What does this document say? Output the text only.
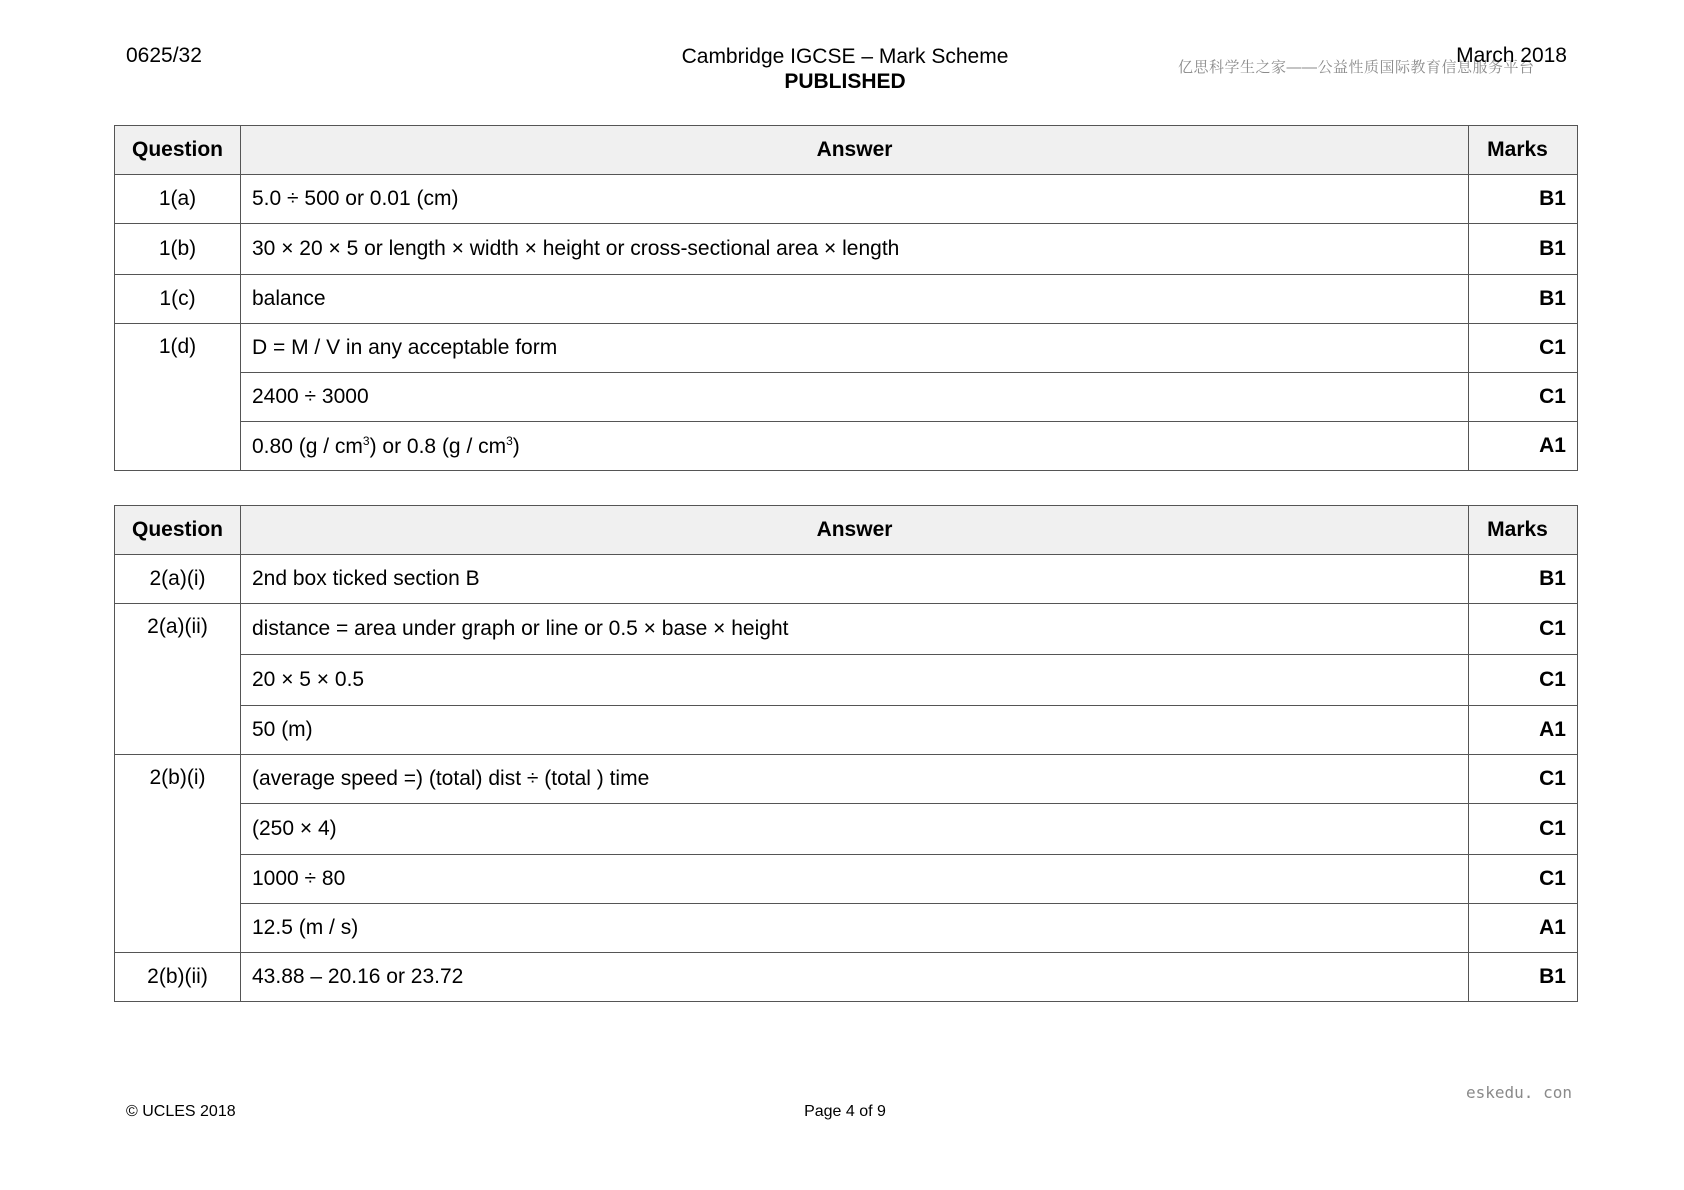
0625/32	Cambridge IGCSE – Mark Scheme
PUBLISHED
亿思科学生之家——公益性质国际教育信息服务平台
March 2018
Question	Answer	Marks
1(a)	5.0 ÷ 500 or 0.01 (cm)	B1
1(b)	30 × 20 × 5 or length × width × height or cross-sectional area × length	B1
1(c)	balance	B1
1(d)	D = M / V in any acceptable form	C1
	2400 ÷ 3000	C1
	0.80 $(g / cm^3)$ or 0.8 $(g / cm^3)$	A1
Question	Answer	Marks
2(a)(i)	2nd box ticked section B	B1
2(a)(ii)	distance = area under graph or line or 0.5 × base × height	C1
	20 × 5 × 0.5	C1
	50 (m)	A1
2(b)(i)	(average speed =) (total) dist ÷ (total ) time	C1
	(250 × 4)	C1
	1000 ÷ 80	C1
	12.5 (m / s)	A1
2(b)(ii)	43.88 – 20.16 or 23.72	B1
eskedu. con
© UCLES 2018	Page 4 of 9
